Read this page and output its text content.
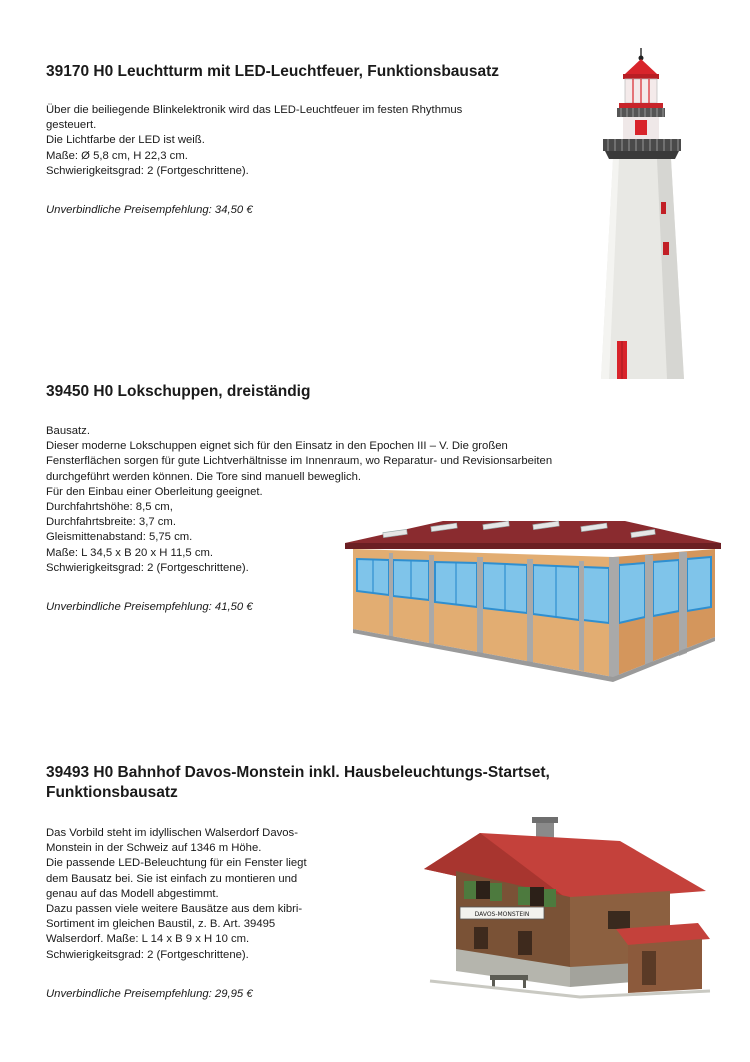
39170 H0 Leuchtturm mit LED-Leuchtfeuer, Funktionsbausatz
Über die beiliegende Blinkelektronik wird das LED-Leuchtfeuer im festen Rhythmus
gesteuert.
Die Lichtfarbe der LED ist weiß.
Maße: Ø 5,8 cm, H 22,3 cm.
Schwierigkeitsgrad: 2 (Fortgeschrittene).
Unverbindliche Preisempfehlung: 34,50 €
39450 H0 Lokschuppen, dreiständig
Bausatz.
Dieser moderne Lokschuppen eignet sich für den Einsatz in den Epochen III – V. Die großen
Fensterflächen sorgen für gute Lichtverhältnisse im Innenraum, wo Reparatur- und Revisionsarbeiten
durchgeführt werden können. Die Tore sind manuell beweglich.
Für den Einbau einer Oberleitung geeignet.
Durchfahrtshöhe: 8,5 cm,
Durchfahrtsbreite: 3,7 cm.
Gleismittenabstand: 5,75 cm.
Maße: L 34,5 x B 20 x H 11,5 cm.
Schwierigkeitsgrad: 2 (Fortgeschrittene).
Unverbindliche Preisempfehlung: 41,50 €
39493 H0 Bahnhof Davos-Monstein inkl. Hausbeleuchtungs-Startset,
Funktionsbausatz
Das Vorbild steht im idyllischen Walserdorf Davos-
Monstein in der Schweiz auf 1346 m Höhe.
Die passende LED-Beleuchtung für ein Fenster liegt
dem Bausatz bei. Sie ist einfach zu montieren und
genau auf das Modell abgestimmt.
Dazu passen viele weitere Bausätze aus dem kibri-
Sortiment im gleichen Baustil, z. B. Art. 39495
Walserdorf. Maße: L 14 x B 9 x H 10 cm.
Schwierigkeitsgrad: 2 (Fortgeschrittene).
Unverbindliche Preisempfehlung: 29,95 €
DAVOS-MONSTEIN
